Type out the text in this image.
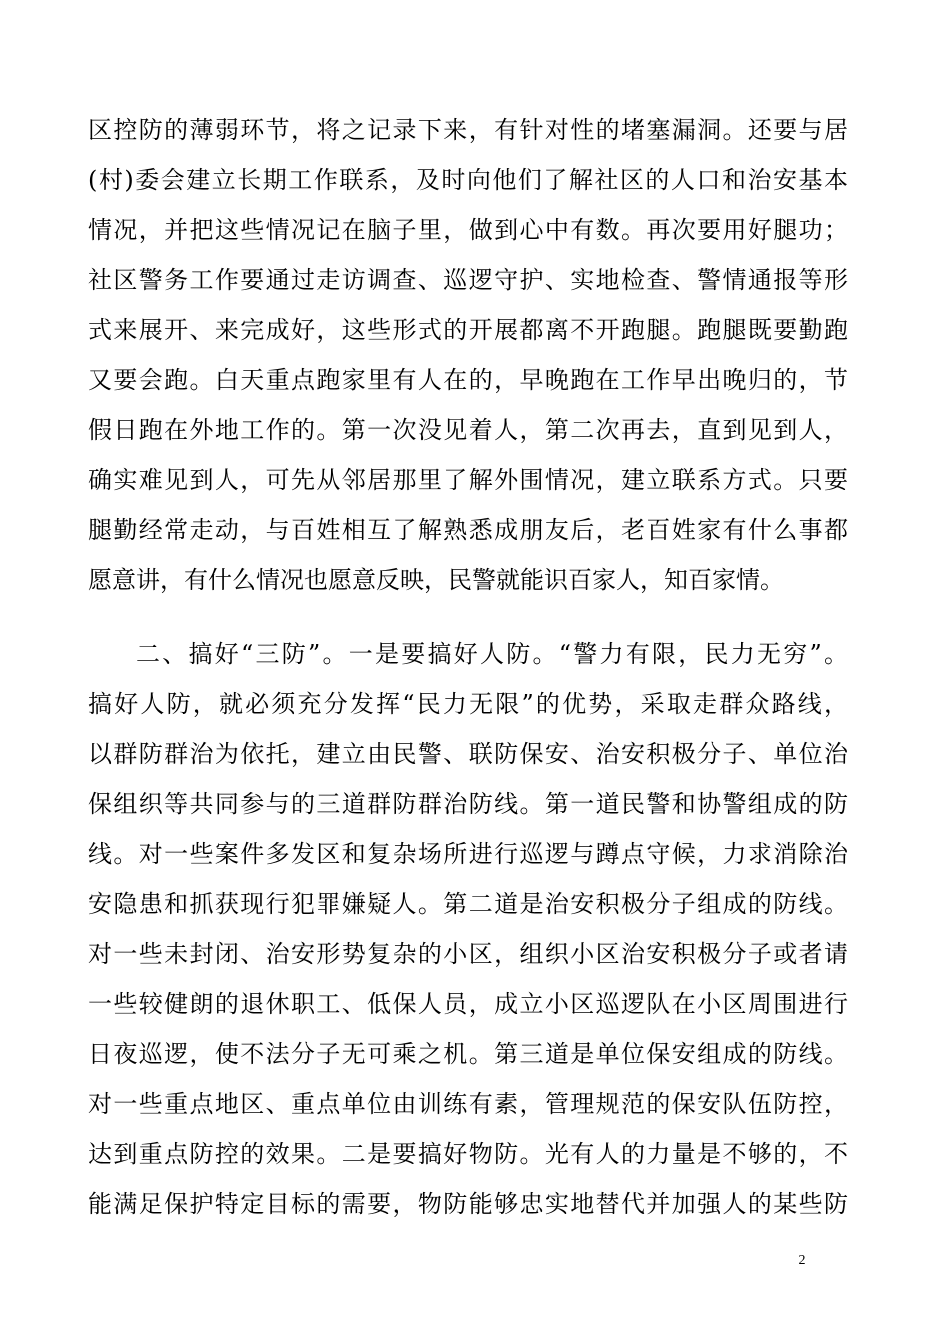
区控防的薄弱环节，将之记录下来，有针对性的堵塞漏洞。还要与居
(村)委会建立长期工作联系，及时向他们了解社区的人口和治安基本
情况，并把这些情况记在脑子里，做到心中有数。再次要用好腿功；
社区警务工作要通过走访调查、巡逻守护、实地检查、警情通报等形
式来展开、来完成好，这些形式的开展都离不开跑腿。跑腿既要勤跑
又要会跑。白天重点跑家里有人在的，早晚跑在工作早出晚归的，节
假日跑在外地工作的。第一次没见着人，第二次再去，直到见到人，
确实难见到人，可先从邻居那里了解外围情况，建立联系方式。只要
腿勤经常走动，与百姓相互了解熟悉成朋友后，老百姓家有什么事都
愿意讲，有什么情况也愿意反映，民警就能识百家人，知百家情。
二、搞好“三防”。一是要搞好人防。“警力有限，民力无穷”。
搞好人防，就必须充分发挥“民力无限”的优势，采取走群众路线，
以群防群治为依托，建立由民警、联防保安、治安积极分子、单位治
保组织等共同参与的三道群防群治防线。第一道民警和协警组成的防
线。对一些案件多发区和复杂场所进行巡逻与蹲点守候，力求消除治
安隐患和抓获现行犯罪嫌疑人。第二道是治安积极分子组成的防线。
对一些未封闭、治安形势复杂的小区，组织小区治安积极分子或者请
一些较健朗的退休职工、低保人员，成立小区巡逻队在小区周围进行
日夜巡逻，使不法分子无可乘之机。第三道是单位保安组成的防线。
对一些重点地区、重点单位由训练有素，管理规范的保安队伍防控，
达到重点防控的效果。二是要搞好物防。光有人的力量是不够的，不
能满足保护特定目标的需要，物防能够忠实地替代并加强人的某些防
2
